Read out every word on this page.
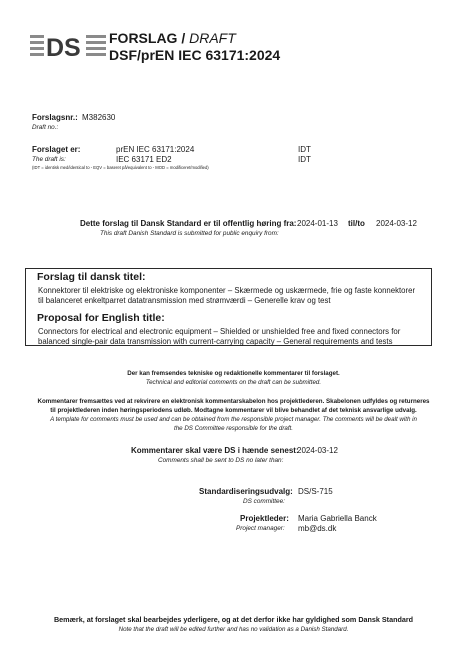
DS FORSLAG / DRAFT
DSF/prEN IEC 63171:2024
Forslagsnr.: M382630
Draft no.:
Forslaget er:	prEN IEC 63171:2024	IDT
The draft is:	IEC 63171 ED2	IDT
(IDT = identisk med/identical to - EQV = baseret på/equivalent to - MOD = modificeret/modified)
Dette forslag til Dansk Standard er til offentlig høring fra: 2024-01-13 til/to 2024-03-12
This draft Danish Standard is submitted for public enquiry from:
Forslag til dansk titel:
Konnektorer til elektriske og elektroniske komponenter – Skærmede og uskærmede, frie og faste konnektorer
til balanceret enkeltparret datatransmission med strømværdi – Generelle krav og test
Proposal for English title:
Connectors for electrical and electronic equipment – Shielded or unshielded free and fixed connectors for
balanced single-pair data transmission with current-carrying capacity – General requirements and tests
Der kan fremsendes tekniske og redaktionelle kommentarer til forslaget.
Technical and editorial comments on the draft can be submitted.
Kommentarer fremsættes ved at rekvirere en elektronisk kommentarskabelon hos projektlederen. Skabelonen udfyldes og returneres
til projektlederen inden høringsperiodens udløb. Modtagne kommentarer vil blive behandlet af det teknisk ansvarlige udvalg.
A template for comments must be used and can be obtained from the responsible project manager. The comments will be dealt with in
the DS Committee responsible for the draft.
Kommentarer skal være DS i hænde senest:
2024-03-12
Comments shall be sent to DS no later than:
Standardiseringsudvalg: DS/S-715
DS committee:
Projektleder: Maria Gabriella Banck
Project manager: mb@ds.dk
Bemærk, at forslaget skal bearbejdes yderligere, og at det derfor ikke har gyldighed som Dansk Standard
Note that the draft will be edited further and has no validation as a Danish Standard.
